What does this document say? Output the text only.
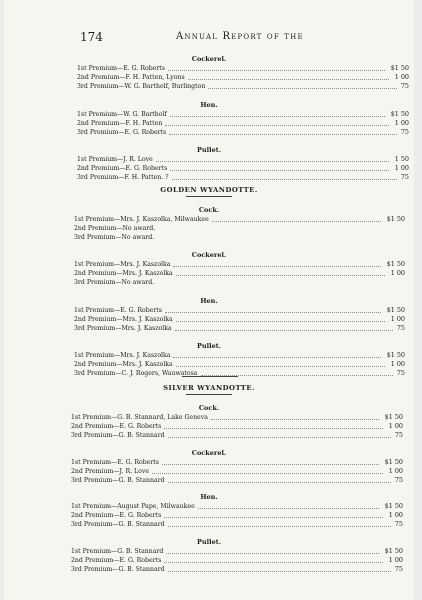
174	Annual Report of the
GOLDEN WYANDOTTE.
SILVER WYANDOTTE.
Cockerel.
1st Premium—E. G. Roberts	$1 50
2nd Premium—F. H. Patten, Lyons	1 00
3rd Premium—W. G. Bartholf, Burlington	75
Hen.
1st Premium—W. G. Bartholf	$1 50
2nd Premium—F. H. Patten	1 00
3rd Premium—E. G. Roberts	75
Pullet.
1st Premium—J. R. Love	1 50
2nd Premium—E. G. Roberts	1 00
3rd Premium—F. H. Patten. ?	75
Cock.
1st Premium—Mrs. J. Kaszolka, Milwaukee	$1 50
2nd Premium—No award.
3rd Premium—No award.
Cockerel.
1st Premium—Mrs. J. Kaszolka	$1 50
2nd Premium—Mrs. J. Kaszolka	1 00
3rd Premium—No award.
Hen.
1st Premium—E. G. Roberts	$1 50
2nd Premium—Mrs. J. Kaszolka	1 00
3rd Premium—Mrs. J. Kaszolka	75
Pullet.
1st Premium—Mrs. J. Kaszolka	$1 50
2nd Premium—Mrs. J. Kaszolka	1 00
3rd Premium—C. J. Rogers, Wauwatosa	75
Cock.
1st Premium—G. B. Stannard, Lake Geneva	$1 50
2nd Premium—E. G. Roberts	1 00
3rd Premium—G. B. Stannard	75
Cockerel.
1st Premium—E. G. Roberts	$1 50
2nd Premium—J. R. Love	1 00
3rd Premium—G. B. Stannard	75
Hen.
1st Premium—August Pape, Milwaukee	$1 50
2nd Premium—E. G. Roberts	1 00
3rd Premium—G. B. Stannard	75
Pullet.
1st Premium—G. B. Stannard	$1 50
2nd Premium—E. G. Roberts	1 00
3rd Premium—G. B. Stannard	75
